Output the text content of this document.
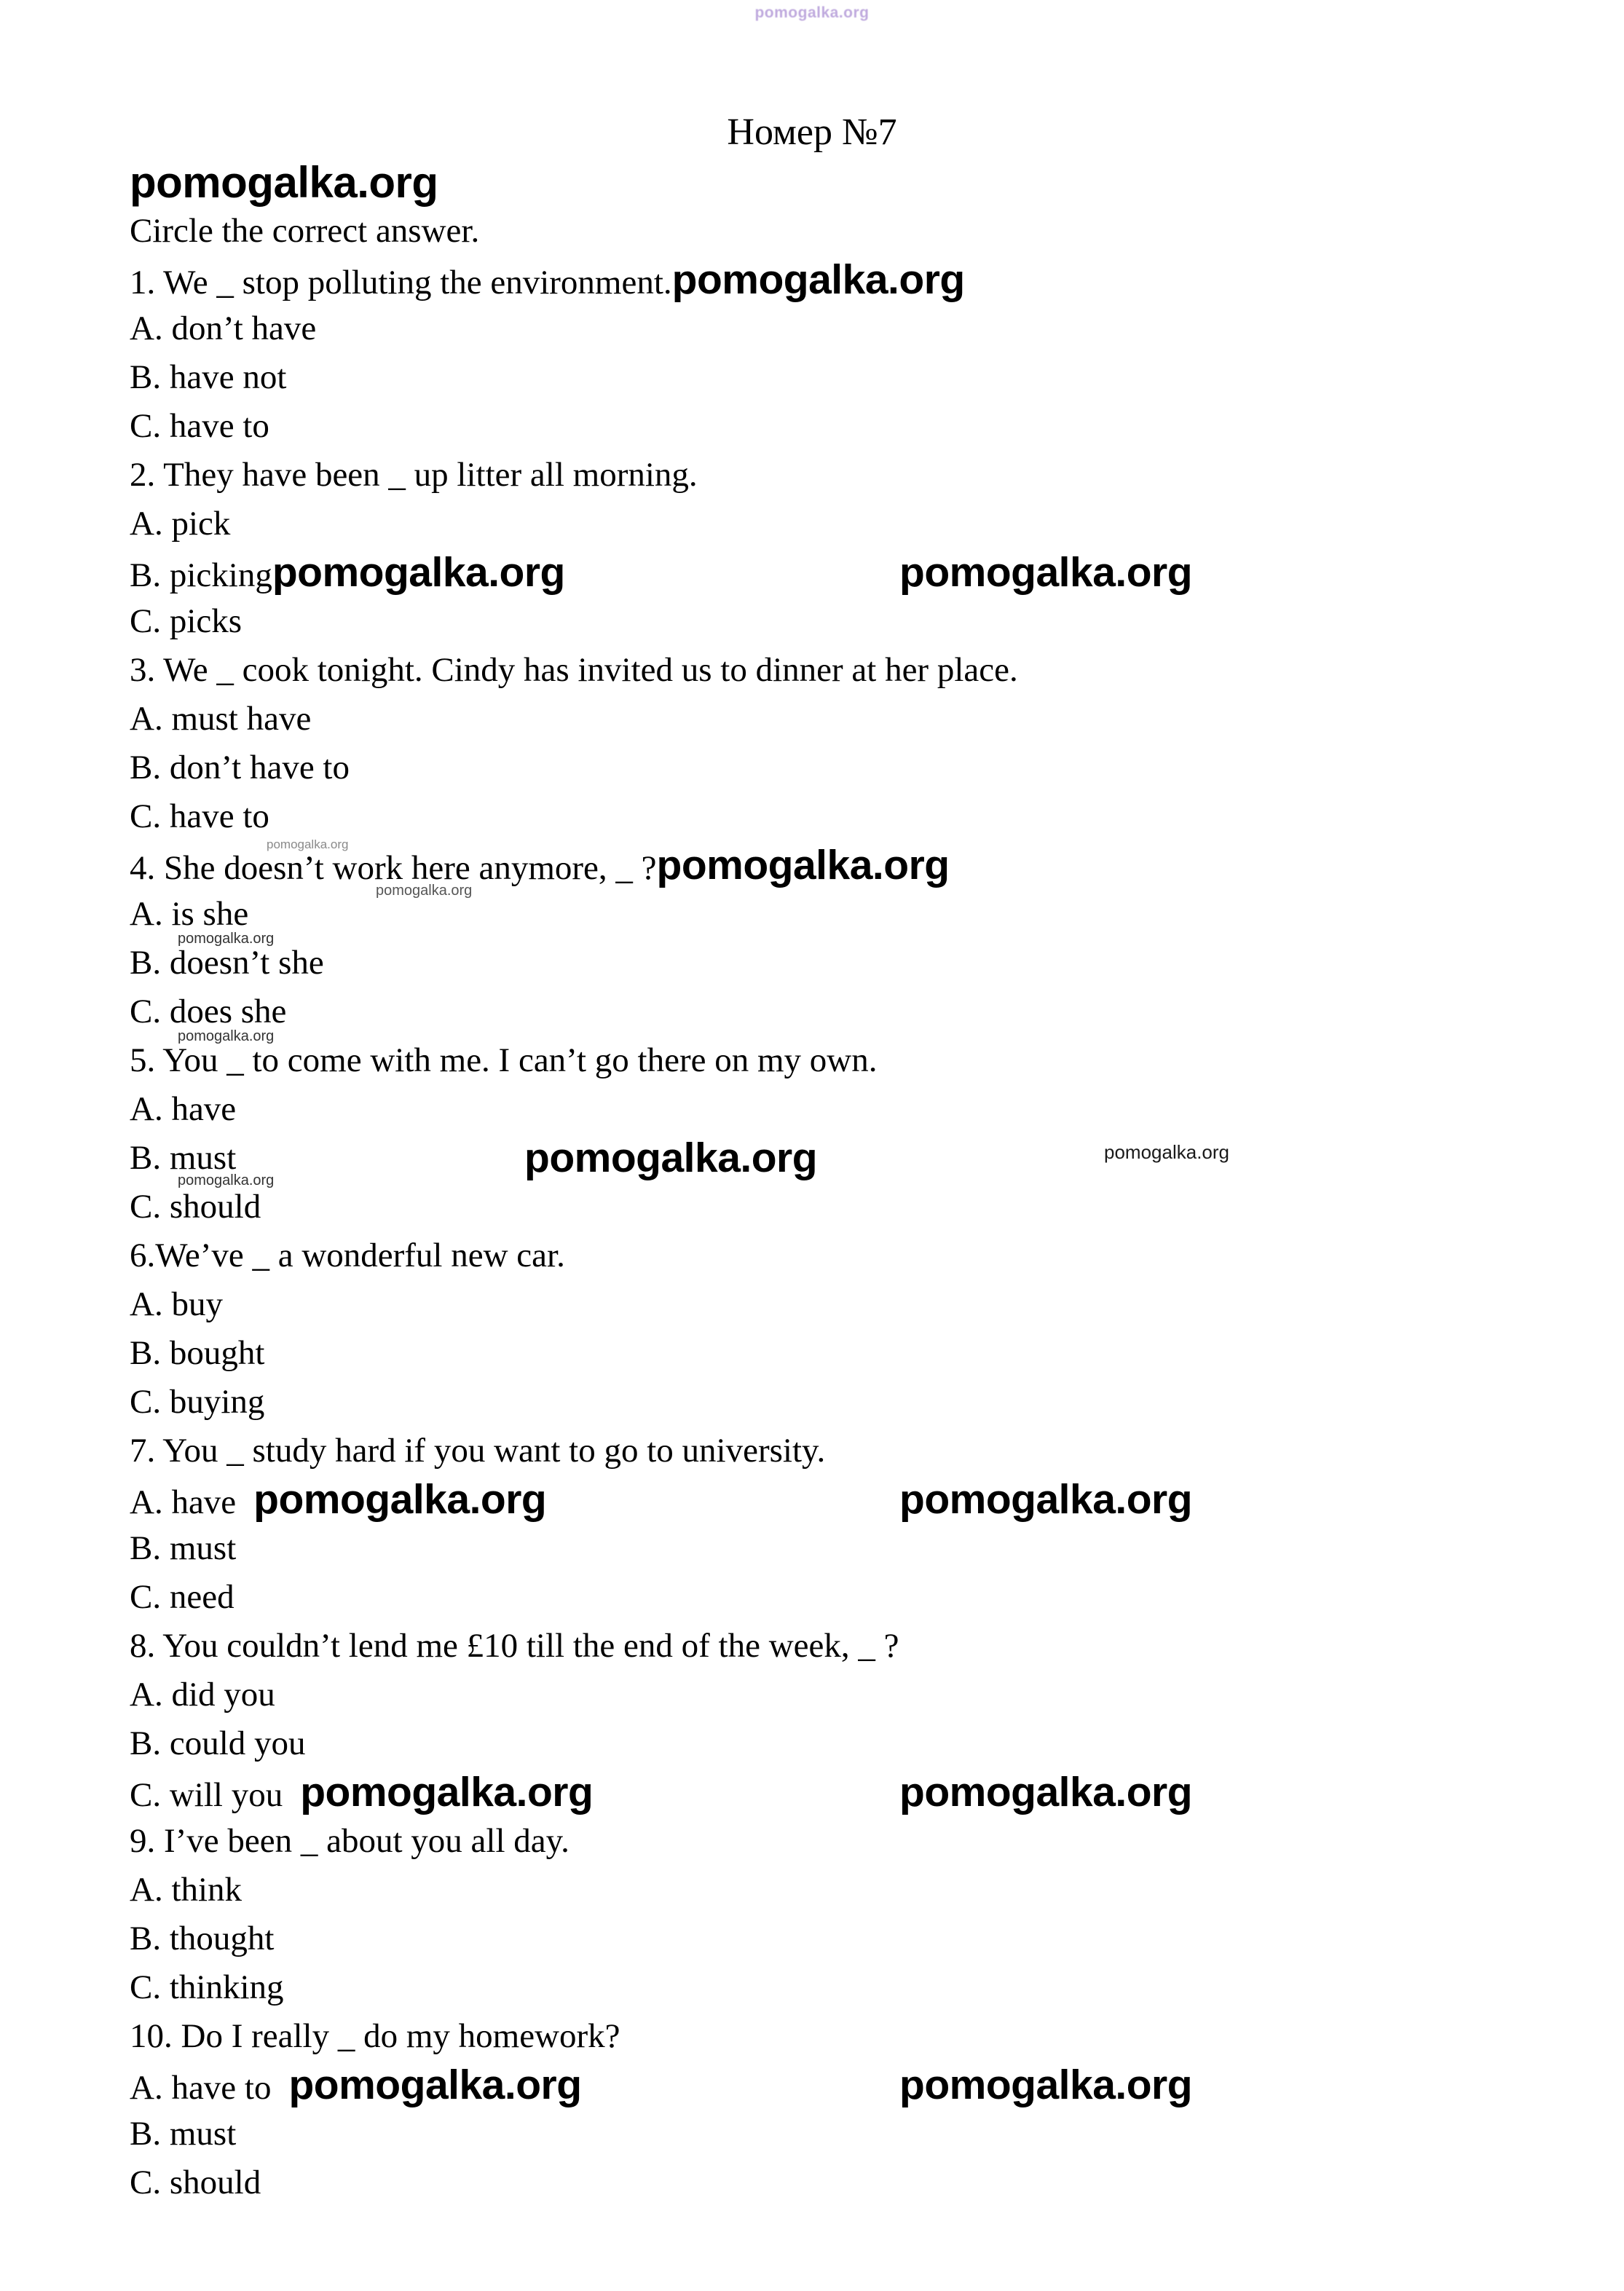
pomogalka.org
Номер №7
pomogalka.org
Circle the correct answer.
1. We _ stop polluting the environment.pomogalka.org
A. don’t have
B. have not
C. have to
2. They have been _ up litter all morning.
A. pick
B. pickingpomogalka.org	pomogalka.org
C. picks
3. We _ cook tonight. Cindy has invited us to dinner at her place.
A. must have
B. don’t have to
C. have to
4. She doesn’t work here anymore, _ ?pomogalka.org
A. is she
B. doesn’t she
C. does she
5. You _ to come with me. I can’t go there on my own.
A. have
B. must	pomogalka.org	pomogalka.org
C. should
6.We’ve _ a wonderful new car.
A. buy
B. bought
C. buying
7. You _ study hard if you want to go to university.
A. have pomogalka.org	pomogalka.org
B. must
C. need
8. You couldn’t lend me £10 till the end of the week, _ ?
A. did you
B. could you
C. will you pomogalka.org	pomogalka.org
9. I’ve been _ about you all day.
A. think
B. thought
C. thinking
10. Do I really _ do my homework?
A. have to pomogalka.org	pomogalka.org
B. must
C. should
pomogalka.org
pomogalka.org
pomogalka.org
pomogalka.org
pomogalka.org
